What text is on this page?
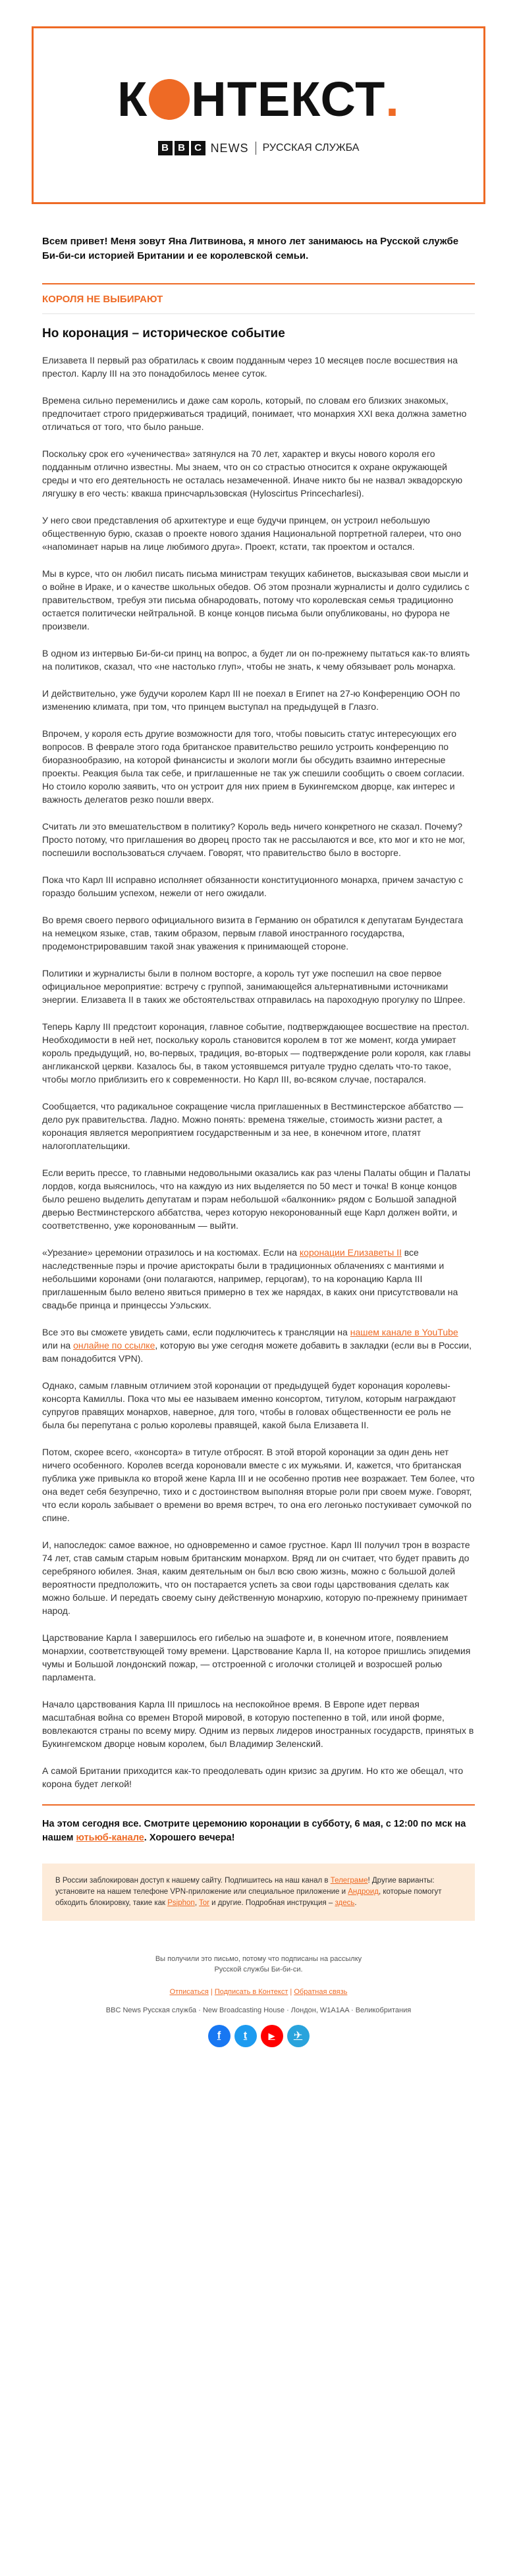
К НТЕКСТ .
B B C NEWS РУССКАЯ СЛУЖБА

Всем привет! Меня зовут Яна Литвинова, я много лет занимаюсь на Русской службе Би-би-си историей Британии и ее королевской семьи.

КОРОЛЯ НЕ ВЫБИРАЮТ
Но коронация – историческое событие

Елизавета II первый раз обратилась к своим подданным через 10 месяцев после восшествия на престол. Карлу III на это понадобилось менее суток.

Времена сильно переменились и даже сам король, который, по словам его близких знакомых, предпочитает строго придерживаться традиций, понимает, что монархия XXI века должна заметно отличаться от того, что было раньше.

Поскольку срок его «ученичества» затянулся на 70 лет, характер и вкусы нового короля его подданным отлично известны. Мы знаем, что он со страстью относится к охране окружающей среды и что его деятельность не осталась незамеченной. Иначе никто бы не назвал эквадорскую лягушку в его честь: квакша принсчарльзовская (Hyloscirtus Princecharlesi).

У него свои представления об архитектуре и еще будучи принцем, он устроил небольшую общественную бурю, сказав о проекте нового здания Национальной портретной галереи, что оно «напоминает нарыв на лице любимого друга». Проект, кстати, так проектом и остался.

Мы в курсе, что он любил писать письма министрам текущих кабинетов, высказывая свои мысли и о войне в Ираке, и о качестве школьных обедов. Об этом прознали журналисты и долго судились с правительством, требуя эти письма обнародовать, потому что королевская семья традиционно остается политически нейтральной. В конце концов письма были опубликованы, но фурора не произвели.

В одном из интервью Би-би-си принц на вопрос, а будет ли он по-прежнему пытаться как-то влиять на политиков, сказал, что «не настолько глуп», чтобы не знать, к чему обязывает роль монарха.

И действительно, уже будучи королем Карл III не поехал в Египет на 27-ю Конференцию ООН по изменению климата, при том, что принцем выступал на предыдущей в Глазго.

Впрочем, у короля есть другие возможности для того, чтобы повысить статус интересующих его вопросов. В феврале этого года британское правительство решило устроить конференцию по биоразнообразию, на которой финансисты и экологи могли бы обсудить взаимно интересные проекты. Реакция была так себе, и приглашенные не так уж спешили сообщить о своем согласии. Но стоило королю заявить, что он устроит для них прием в Букингемском дворце, как интерес и важность делегатов резко пошли вверх.

Считать ли это вмешательством в политику? Король ведь ничего конкретного не сказал. Почему? Просто потому, что приглашения во дворец просто так не рассылаются и все, кто мог и кто не мог, поспешили воспользоваться случаем. Говорят, что правительство было в восторге.

Пока что Карл III исправно исполняет обязанности конституционного монарха, причем зачастую с гораздо большим успехом, нежели от него ожидали.

Во время своего первого официального визита в Германию он обратился к депутатам Бундестага на немецком языке, став, таким образом, первым главой иностранного государства, продемонстрировавшим такой знак уважения к принимающей стороне.

Политики и журналисты были в полном восторге, а король тут уже поспешил на свое первое официальное мероприятие: встречу с группой, занимающейся альтернативными источниками энергии. Елизавета II в таких же обстоятельствах отправилась на парохoдную прогулку по Шпрее.

Теперь Карлу III предстоит коронация, главное событие, подтверждающее восшествие на престол. Необходимости в ней нет, поскольку король становится королем в тот же момент, когда умирает король предыдущий, но, во-первых, традиция, во-вторых — подтверждение роли короля, как главы англиканской церкви. Казалось бы, в таком устоявшемся ритуале трудно сделать что-то такое, чтобы могло приблизить его к современности. Но Карл III, во-всяком случае, постарался.

Сообщается, что радикальное сокращение числа приглашенных в Вестминстерское аббатство — дело рук правительства. Ладно. Можно понять: времена тяжелые, стоимость жизни растет, а коронация является мероприятием государственным и за нее, в конечном итоге, платят налогоплательщики.

Если верить прессе, то главными недовольными оказались как раз члены Палаты общин и Палаты лордов, когда выяснилось, что на каждую из них выделяется по 50 мест и точка! В конце концов было решено выделить депутатам и пэрам небольшой «балконник» рядом с Большой западной дверью Вестминстерского аббатства, через которую некоронованный еще Карл должен войти, и соответственно, уже коронованным — выйти.

«Урезание» церемонии отразилось и на костюмах. Если на коронации Елизаветы II все наследственные пэры и прочие аристократы были в традиционных облачениях с мантиями и небольшими коронами (они полагаются, например, герцогам), то на коронацию Карла III приглашенным было велено явиться примерно в тех же нарядах, в каких они присутствовали на свадьбе принца и принцессы Уэльских.

Все это вы сможете увидеть сами, если подключитесь к трансляции на нашем канале в YouTube или на онлайне по ссылке, которую вы уже сегодня можете добавить в закладки (если вы в России, вам понадобится VPN).

Однако, самым главным отличием этой коронации от предыдущей будет коронация королевы-консорта Камиллы. Пока что мы ее называем именно консортом, титулом, которым награждают супругов правящих монархов, наверное, для того, чтобы в головах общественности ее роль не была бы перепутана с ролью королевы правящей, какой была Елизавета II.

Потом, скорее всего, «консорта» в титуле отбросят. В этой второй коронации за один день нет ничего особенного. Королев всегда короновали вместе с их мужьями. И, кажется, что британская публика уже привыкла ко второй жене Карла III и не особенно против нее возражает. Тем более, что она ведет себя безупречно, тихо и с достоинством выполняя вторые роли при своем муже. Говорят, что если король забывает о времени во время встреч, то она его легонько постукивает сумочкой по спине.

И, напоследок: самое важное, но одновременно и самое грустное. Карл III получил трон в возрасте 74 лет, став самым старым новым британским монархом. Вряд ли он считает, что будет править до серебряного юбилея. Зная, каким деятельным он был всю свою жизнь, можно с большой долей вероятности предположить, что он постарается успеть за свои годы царствования сделать как можно больше. И передать своему сыну действенную монархию, которую по-прежнему принимает народ.

Царствование Карла I завершилось его гибелью на эшафоте и, в конечном итоге, появлением монархии, соответствующей тому времени. Царствование Карла II, на которое пришлись эпидемия чумы и Большой лондонский пожар, — отстроенной с иголочки столицей и возросшей ролью парламента.

Начало царствования Карла III пришлось на неспокойное время. В Европе идет первая масштабная война со времен Второй мировой, в которую постепенно в той, или иной форме, вовлекаются страны по всему миру. Одним из первых лидеров иностранных государств, принятых в Букингемском дворце новым королем, был Владимир Зеленский.

А самой Британии приходится как-то преодолевать один кризис за другим. Но кто же обещал, что корона будет легкой!

На этом сегодня все. Смотрите церемонию коронации в субботу, 6 мая, с 12:00 по мск на нашем ютьюб-канале. Хорошего вечера!
В России заблокирован доступ к нашему сайту. Подпишитесь на наш канал в Телеграме! Другие варианты: установите на нашем телефоне VPN-приложение или специальное приложение и Андроид, которые помогут обходить блокировку, такие как Psiphon, Tor и другие. Подробная инструкция – здесь.

Вы получили это письмо, потому что подписаны на рассылку Русской службы Би-би-си.

Отписаться | Подписать в Контекст | Обратная связь

BBC News Русская служба · New Broadcasting House · Лондон, W1A1AA · Великобритания

f	t	▶	✈
